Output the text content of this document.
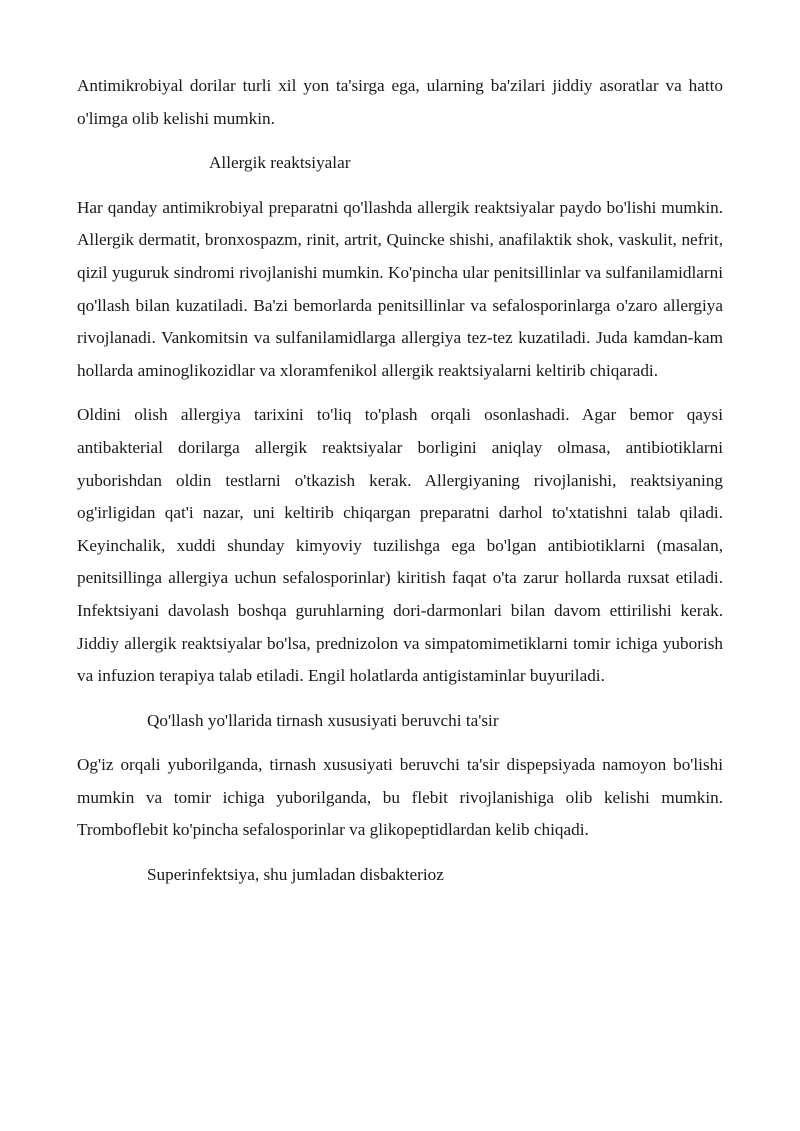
Antimikrobiyal dorilar turli xil yon ta'sirga ega, ularning ba'zilari jiddiy asoratlar va hatto o'limga olib kelishi mumkin.

Allergik reaktsiyalar

Har qanday antimikrobiyal preparatni qo'llashda allergik reaktsiyalar paydo bo'lishi mumkin. Allergik dermatit, bronxospazm, rinit, artrit, Quincke shishi, anafilaktik shok, vaskulit, nefrit, qizil yuguruk sindromi rivojlanishi mumkin. Ko'pincha ular penitsillinlar va sulfanilamidlarni qo'llash bilan kuzatiladi. Ba'zi bemorlarda penitsillinlar va sefalosporinlarga o'zaro allergiya rivojlanadi. Vankomitsin va sulfanilamidlarga allergiya tez-tez kuzatiladi. Juda kamdan-kam hollarda aminoglikozidlar va xloramfenikol allergik reaktsiyalarni keltirib chiqaradi.

Oldini olish allergiya tarixini to'liq to'plash orqali osonlashadi. Agar bemor qaysi antibakterial dorilarga allergik reaktsiyalar borligini aniqlay olmasa, antibiotiklarni yuborishdan oldin testlarni o'tkazish kerak. Allergiyaning rivojlanishi, reaktsiyaning og'irligidan qat'i nazar, uni keltirib chiqargan preparatni darhol to'xtatishni talab qiladi. Keyinchalik, xuddi shunday kimyoviy tuzilishga ega bo'lgan antibiotiklarni (masalan, penitsillinga allergiya uchun sefalosporinlar) kiritish faqat o'ta zarur hollarda ruxsat etiladi. Infektsiyani davolash boshqa guruhlarning dori-darmonlari bilan davom ettirilishi kerak. Jiddiy allergik reaktsiyalar bo'lsa, prednizolon va simpatomimetiklarni tomir ichiga yuborish va infuzion terapiya talab etiladi. Engil holatlarda antigistaminlar buyuriladi.

Qo'llash yo'llarida tirnash xususiyati beruvchi ta'sir

Og'iz orqali yuborilganda, tirnash xususiyati beruvchi ta'sir dispepsiyada namoyon bo'lishi mumkin va tomir ichiga yuborilganda, bu flebit rivojlanishiga olib kelishi mumkin. Tromboflebit ko'pincha sefalosporinlar va glikopeptidlardan kelib chiqadi.

Superinfektsiya, shu jumladan disbakterioz
